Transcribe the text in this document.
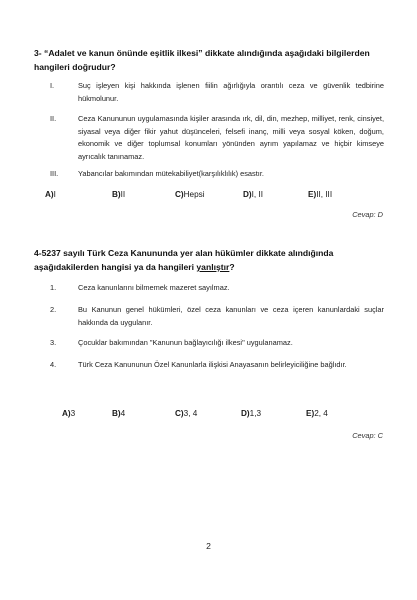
3- “Adalet ve kanun önünde eşitlik ilkesi” dikkate alındığında aşağıdaki bilgilerden hangileri doğrudur?
I.	Suç işleyen kişi hakkında işlenen fiilin ağırlığıyla orantılı ceza ve güvenlik tedbirine hükmolunur.
II.	Ceza Kanununun uygulamasında kişiler arasında ırk, dil, din, mezhep, milliyet, renk, cinsiyet, siyasal veya diğer fikir yahut düşünceleri, felsefi inanç, milli veya sosyal köken, doğum, ekonomik ve diğer toplumsal konumları yönünden ayrım yapılamaz ve hiçbir kimseye ayrıcalık tanınamaz.
III.	Yabancılar bakımından mütekabiliyet(karşılıklılık) esastır.
A)I	B)II	C)Hepsi	D)I, II	E)II, III
Cevap: D
4-5237 sayılı Türk Ceza Kanununda yer alan hükümler dikkate alındığında aşağıdakilerden hangisi ya da hangileri yanlıştır?
1.	Ceza kanunlarını bilmemek mazeret sayılmaz.
2.	Bu Kanunun genel hükümleri, özel ceza kanunları ve ceza içeren kanunlardaki suçlar hakkında da uygulanır.
3.	Çocuklar bakımından "Kanunun bağlayıcılığı ilkesi" uygulanamaz.
4.	Türk Ceza Kanununun Özel Kanunlarla ilişkisi Anayasanın belirleyiciliğine bağlıdır.
A)3	B)4	C)3, 4	D)1,3	E)2, 4
Cevap: C
2
